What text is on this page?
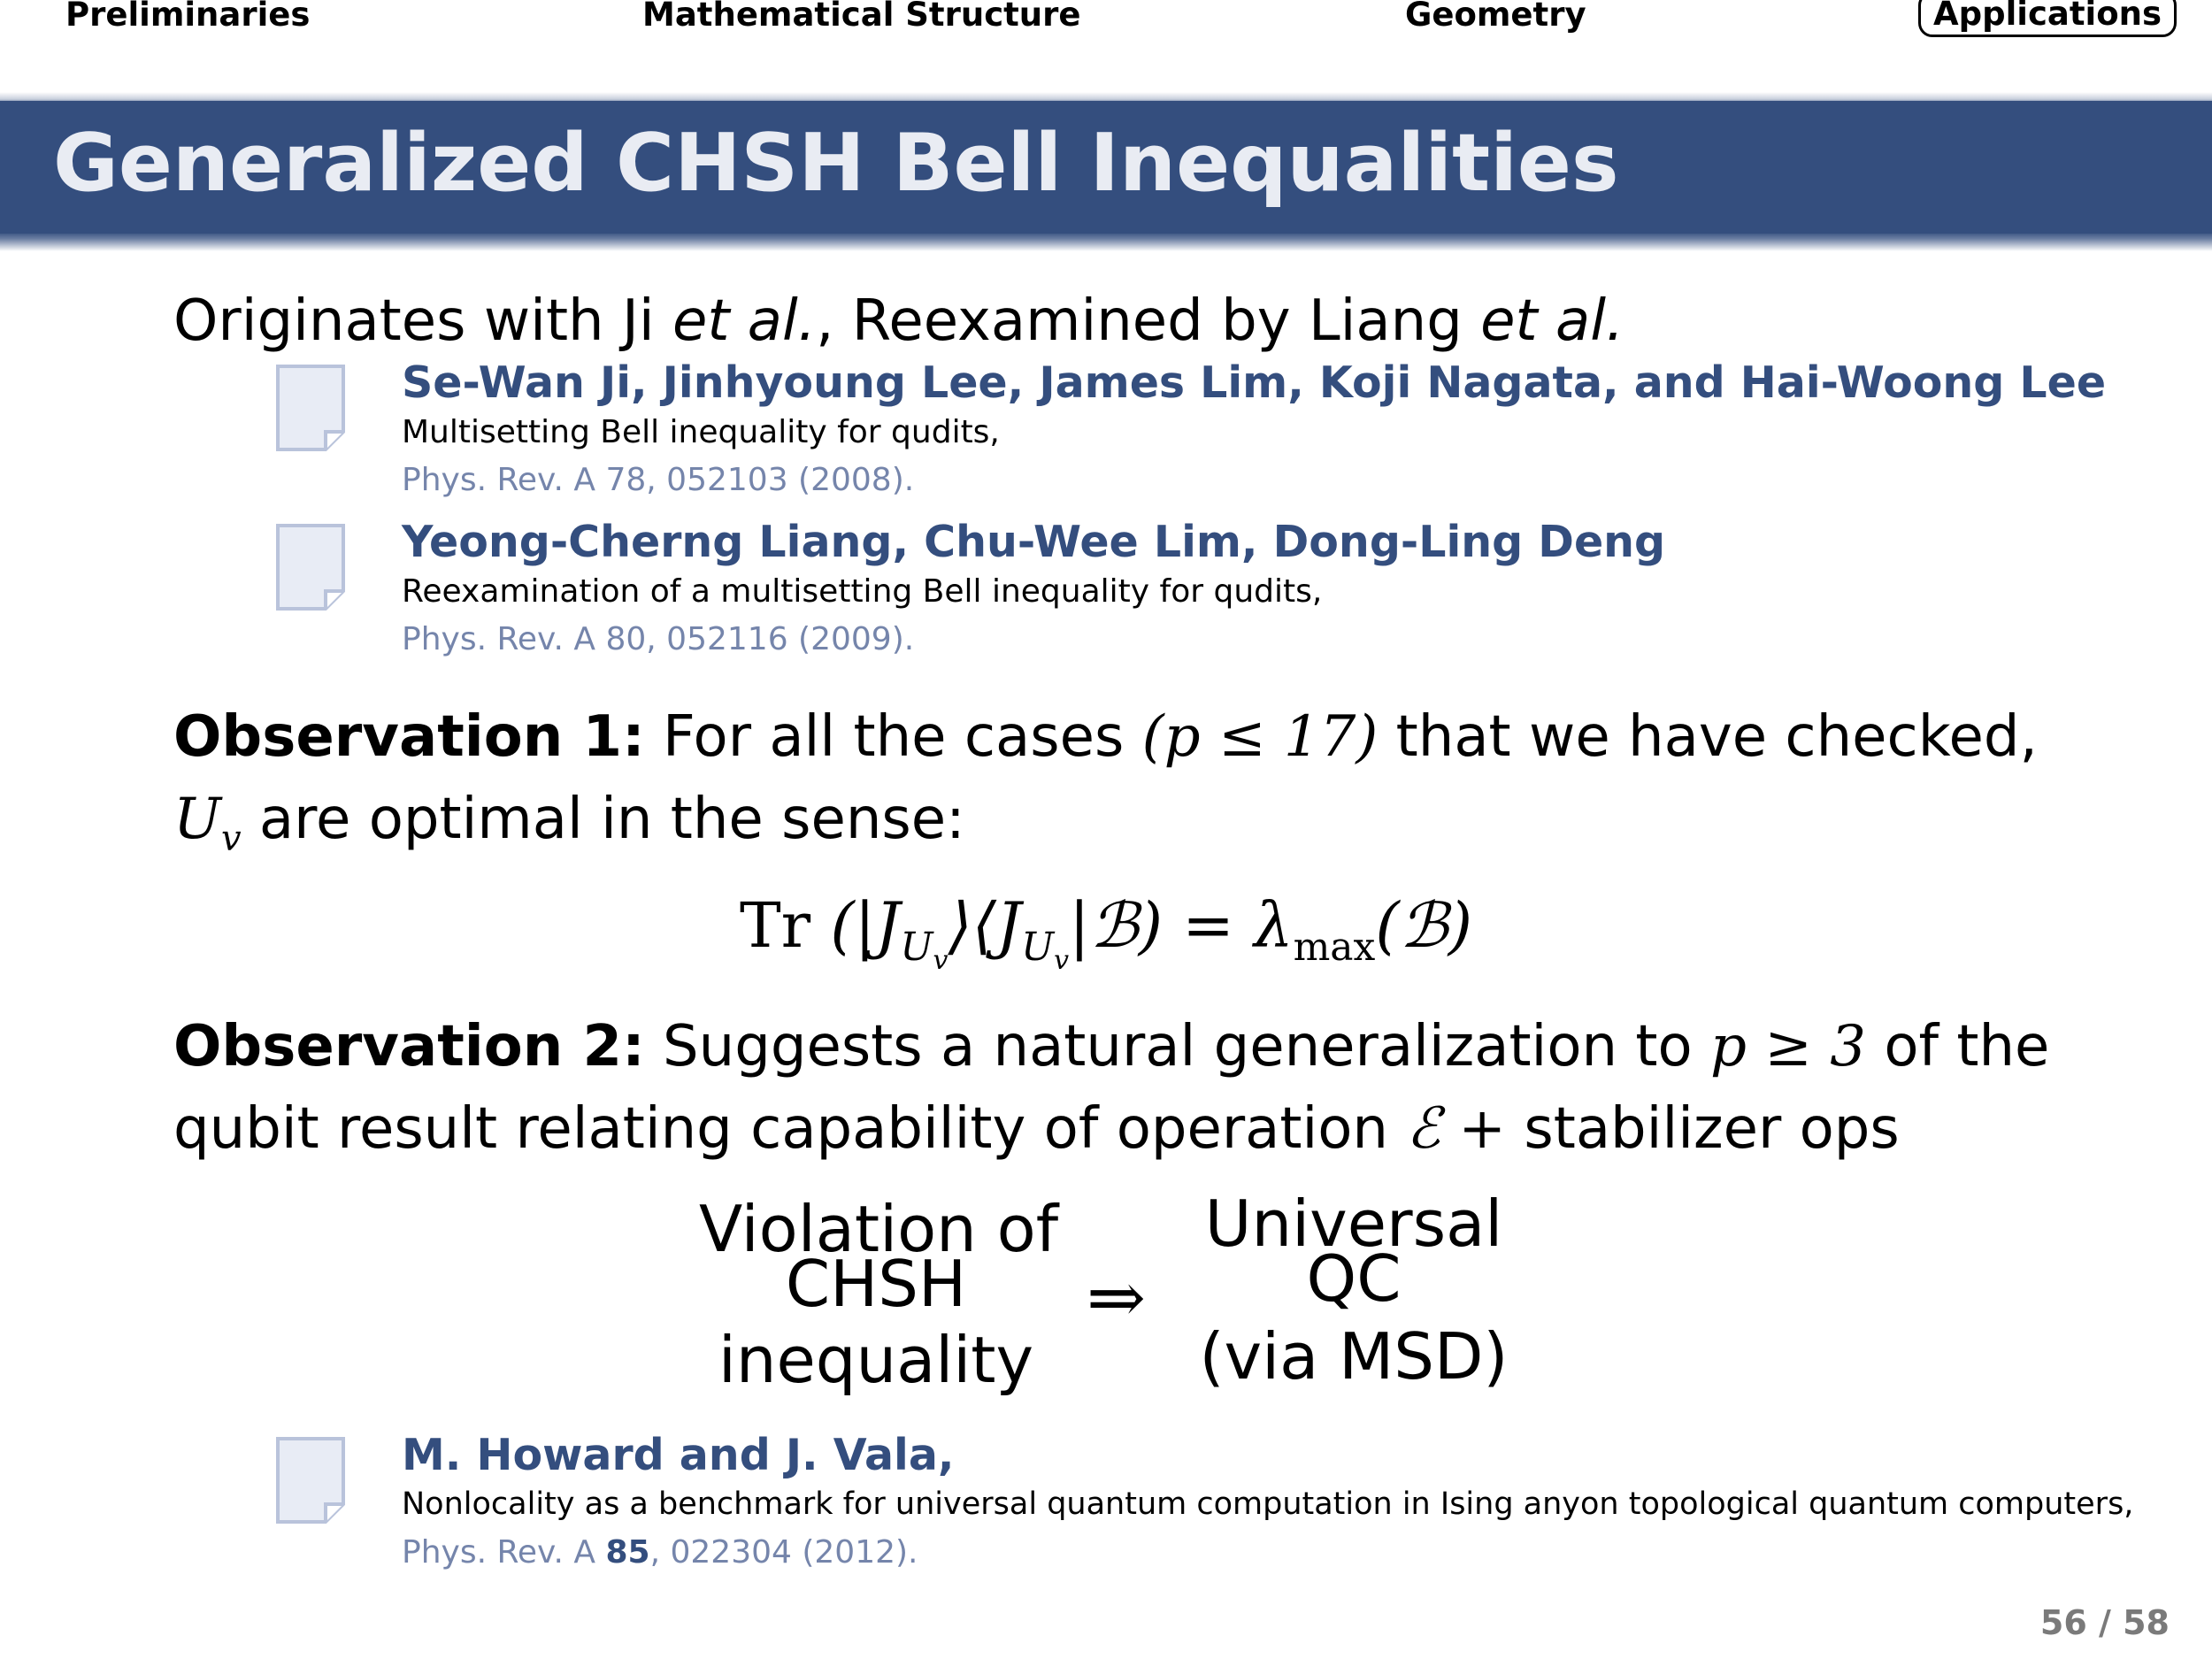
Preliminaries	Mathematical Structure	Geometry	Applications
Generalized CHSH Bell Inequalities
Originates with Ji et al., Reexamined by Liang et al.
Se-Wan Ji, Jinhyoung Lee, James Lim, Koji Nagata, and Hai-Woong Lee
Multisetting Bell inequality for qudits,
Phys. Rev. A 78, 052103 (2008).
Yeong-Cherng Liang, Chu-Wee Lim, Dong-Ling Deng
Reexamination of a multisetting Bell inequality for qudits,
Phys. Rev. A 80, 052116 (2009).
Observation 1: For all the cases (p ≤ 17) that we have checked,
$U_v$ are optimal in the sense:
Tr $(|J_{U_v}⟩⟨J_{U_v}|ℬ)$ = $\lambda_{max}(ℬ)$
Observation 2: Suggests a natural generalization to p ≥ 3 of the
qubit result relating capability of operation ℰ + stabilizer ops
Violation of
CHSH
inequality
⇒
Universal
QC
(via MSD)
M. Howard and J. Vala,
Nonlocality as a benchmark for universal quantum computation in Ising anyon topological quantum computers,
Phys. Rev. A 85, 022304 (2012).
56 / 58
